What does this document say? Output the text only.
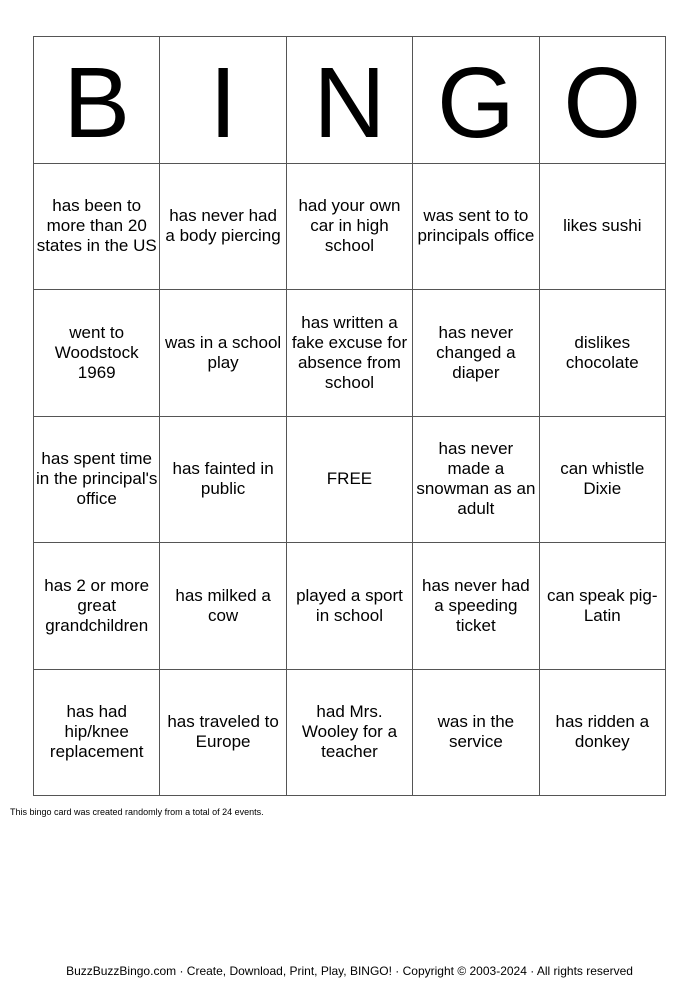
B	I	N	G	O
has been to more than 20 states in the US	has never had a body piercing	had your own car in high school	was sent to to principals office	likes sushi
went to Woodstock 1969	was in a school play	has written a fake excuse for absence from school	has never changed a diaper	dislikes chocolate
has spent time in the principal's office	has fainted in public	FREE	has never made a snowman as an adult	can whistle Dixie
has 2 or more great grandchildren	has milked a cow	played a sport in school	has never had a speeding ticket	can speak pig-Latin
has had hip/knee replacement	has traveled to Europe	had Mrs. Wooley for a teacher	was in the service	has ridden a donkey
This bingo card was created randomly from a total of 24 events.
BuzzBuzzBingo.com · Create, Download, Print, Play, BINGO! · Copyright © 2003-2024 · All rights reserved
